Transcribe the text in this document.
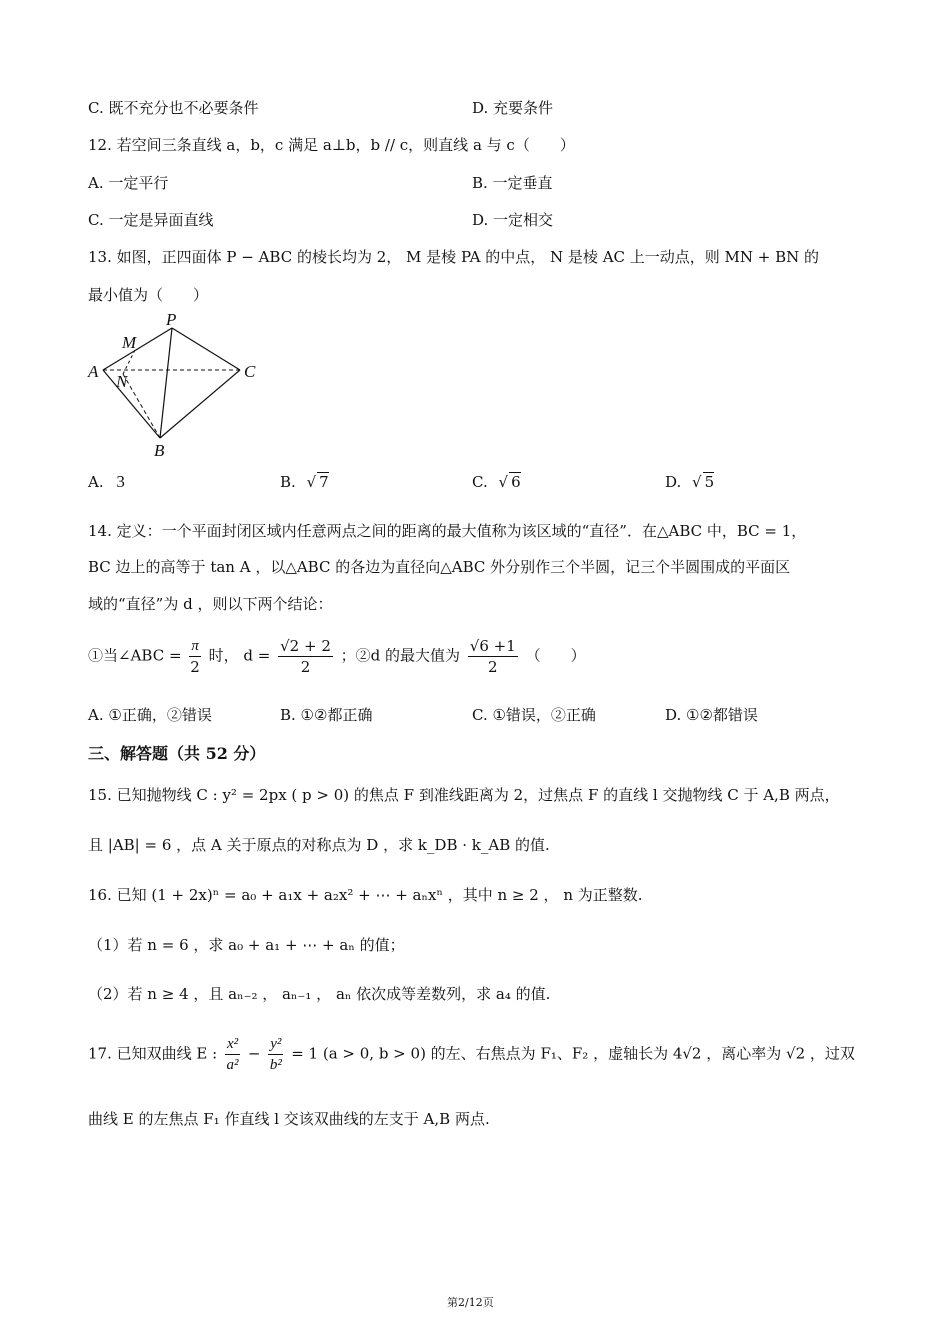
C. 既不充分也不必要条件	D. 充要条件
12. 若空间三条直线 a，b，c 满足 a⊥b，b // c，则直线 a 与 c（　　）
A. 一定平行	B. 一定垂直
C. 一定是异面直线	D. 一定相交
13. 如图，正四面体 P − ABC 的棱长均为 2， M 是棱 PA 的中点， N 是棱 AC 上一动点，则 MN + BN 的
最小值为（　　）
P
M
A
N
C
B
A. 3	B. √ 7	C. √ 6	D. √ 5
14. 定义：一个平面封闭区域内任意两点之间的距离的最大值称为该区域的“直径”．在△ABC 中，BC = 1，
BC 边上的高等于 tan A ，以△ABC 的各边为直径向△ABC 外分别作三个半圆，记三个半圆围成的平面区
域的“直径”为 d ，则以下两个结论：
①当∠ABC = $\frac{\pi}{2}$ 时， $d = \frac{√2 + 2}{2}$ ；②d 的最大值为 $\frac{√6 +1}{2}$ （　　）
A. ①正确，②错误	B. ①②都正确	C. ①错误，②正确	D. ①②都错误
三、解答题（共 52 分）
15. 已知抛物线 C : y² = 2px ( p > 0) 的焦点 F 到准线距离为 2，过焦点 F 的直线 l 交抛物线 C 于 A,B 两点，
且 |AB| = 6 ，点 A 关于原点的对称点为 D ，求 k_DB · k_AB 的值.
16. 已知 (1 + 2x)ⁿ = a₀ + a₁x + a₂x² + ⋯ + aₙxⁿ ，其中 n ≥ 2 ， n 为正整数.
（1）若 n = 6 ，求 a₀ + a₁ + ⋯ + aₙ 的值；
（2）若 n ≥ 4 ，且 aₙ₋₂ ， aₙ₋₁ ， aₙ 依次成等差数列，求 a₄ 的值.
17. 已知双曲线 E : $\frac{\text{x²}}{\text{a²}} - \frac{\text{y²}}{\text{b²}} = 1$ (a > 0, b > 0) 的左、右焦点为 F₁、F₂ ，虚轴长为 4√2 ，离心率为 √2 ，过双
曲线 E 的左焦点 F₁ 作直线 l 交该双曲线的左支于 A,B 两点.
第2/12页
